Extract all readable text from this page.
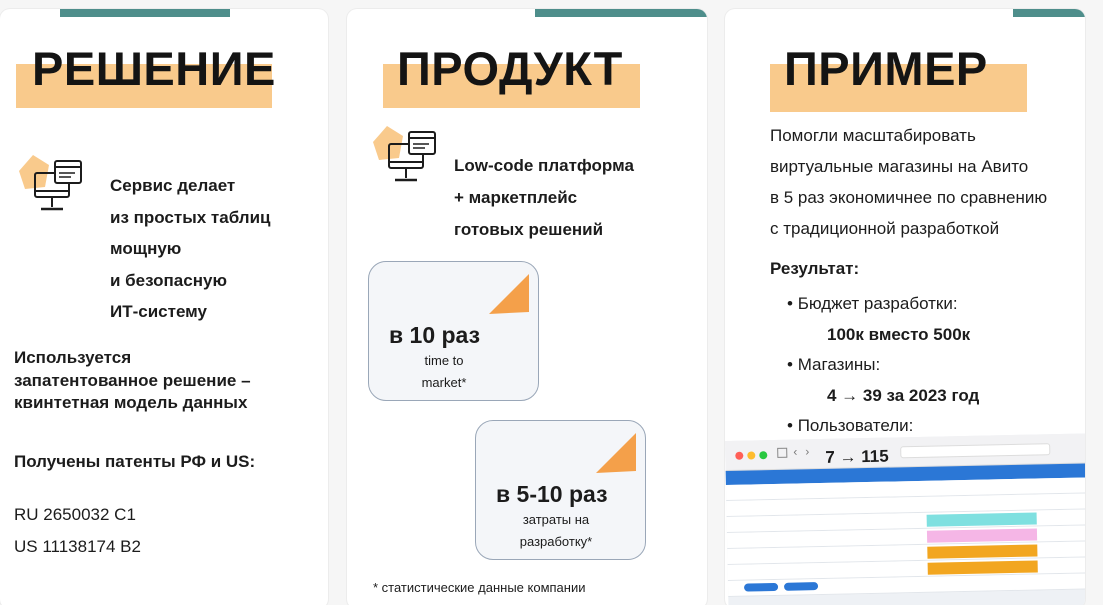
РЕШЕНИЕ
Сервис делает
из простых таблиц
мощную
и безопасную
ИТ-систему
Используется
запатентованное решение –
квинтетная модель данных
Получены патенты РФ и US:
RU 2650032 C1
US 11138174 B2
ПРОДУКТ
Low-code платформа
+ маркетплейс
готовых решений
в 10 раз
time to
market*
в 5-10 раз
затраты на
разработку*
* статистические данные компании
ПРИМЕР
Помогли масштабировать
виртуальные магазины на Авито
в 5 раз экономичнее по сравнению
с традиционной разработкой
Результат:
• Бюджет разработки:
100к вместо 500к
• Магазины:
4 → 39 за 2023 год
• Пользователи:
‹ › 7 → 115
